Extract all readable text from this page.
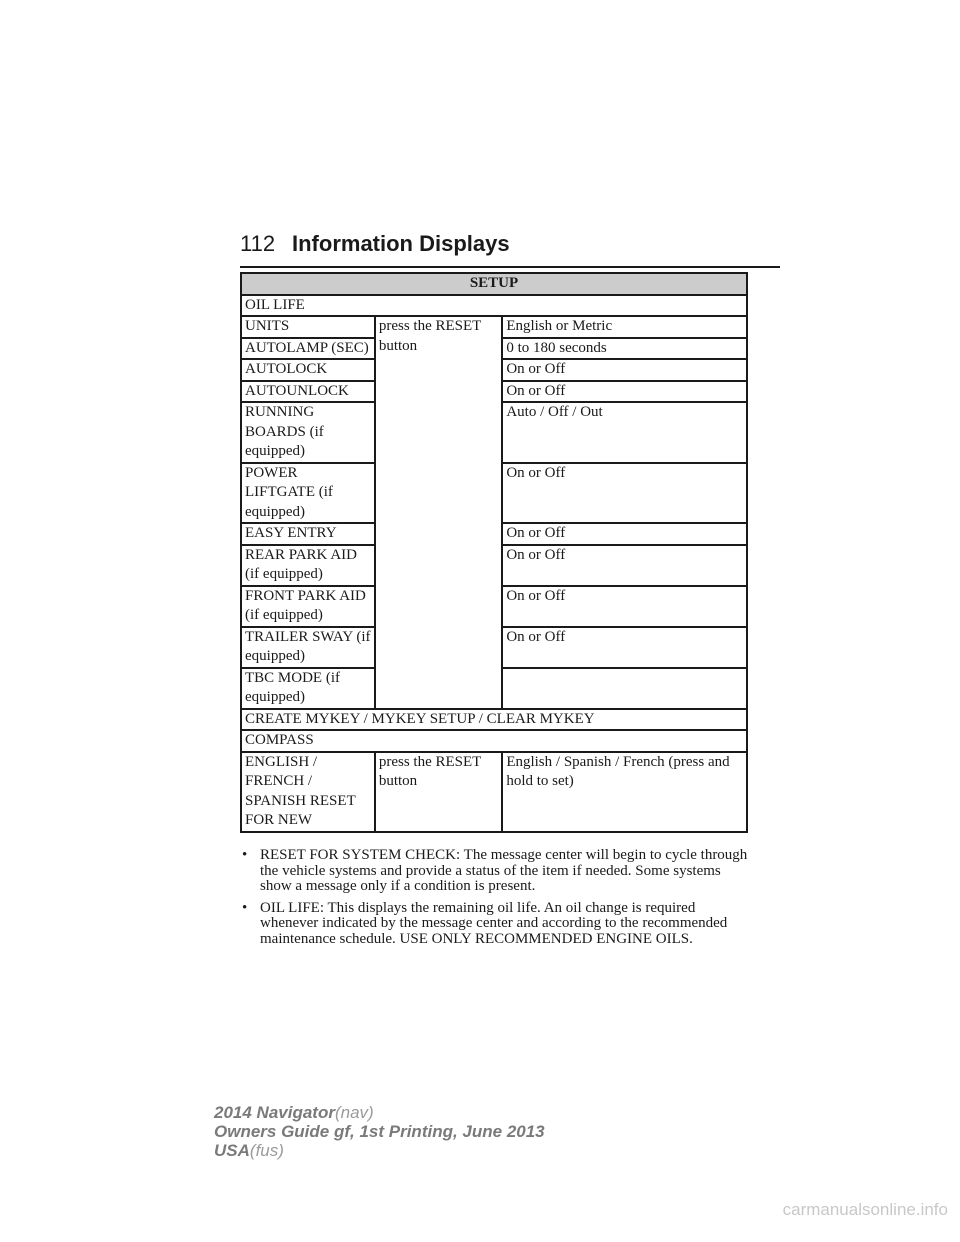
112 Information Displays
SETUP		
OIL LIFE		
UNITS	press the RESET button	English or Metric
AUTOLAMP (SEC)		0 to 180 seconds
AUTOLOCK		On or Off
AUTOUNLOCK		On or Off
RUNNING BOARDS (if equipped)		Auto / Off / Out
POWER LIFTGATE (if equipped)		On or Off
EASY ENTRY		On or Off
REAR PARK AID (if equipped)		On or Off
FRONT PARK AID (if equipped)		On or Off
TRAILER SWAY (if equipped)		On or Off
TBC MODE (if equipped)		
CREATE MYKEY / MYKEY SETUP / CLEAR MYKEY		
COMPASS		
ENGLISH / FRENCH / SPANISH RESET FOR NEW	press the RESET button	English / Spanish / French (press and hold to set)
• RESET FOR SYSTEM CHECK: The message center will begin to cycle through the vehicle systems and provide a status of the item if needed. Some systems show a message only if a condition is present.
• OIL LIFE: This displays the remaining oil life. An oil change is required whenever indicated by the message center and according to the recommended maintenance schedule. USE ONLY RECOMMENDED ENGINE OILS.
2014 Navigator(nav)
Owners Guide gf, 1st Printing, June 2013
USA(fus)
carmanualsonline.info
